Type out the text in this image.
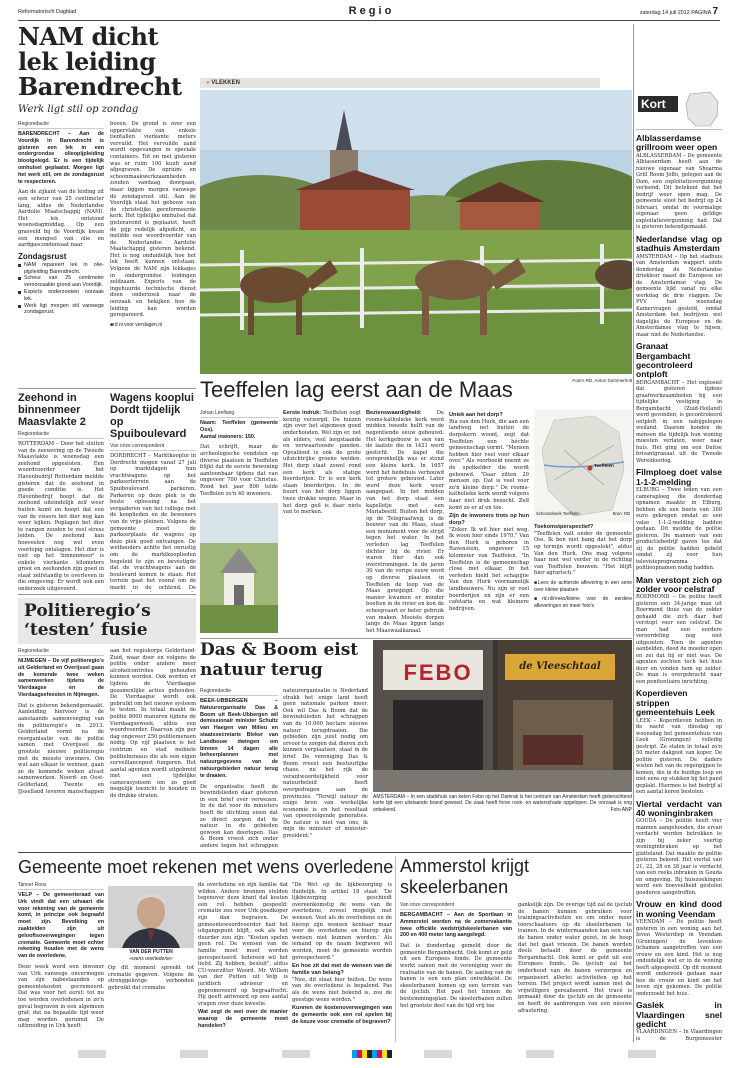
Reformatorisch Dagblad	R e g i o	zaterdag 14 juli 2012 PAGINA 7
NAM dicht lek leiding Barendrecht
Werk ligt stil op zondag
Regioredactie
BARENDRECHT – Aan de Voordijk in Barendrecht is gisteren een lek in een ondergrondse olieopijpleiding blootgelegd. Er is een tijdelijk omhulsel geplaatst. Morgen ligt het werk stil, om de zondagsrust te respecteren.
Aan de zijkant van de leiding zit een scheur van 25 centimeter lang, aldus de Nederlandse Aardolie Maatschappij (NAM). Het lek ontstond woensdagmiddag. Op een grasveld bij de Voordijk kwam een mengsel van olie en aardgascondensaat naar
Zondagsrust
NAM repareert lek in olie-pijpleiding Barendrecht.
Scheur van 25 centimeter veroorzaakte grond aan Voordijk.
Experts onderzoeken oorzaak lek.
Werk ligt morgen stil vanwege zondagsrust.
boven. De grond is over een oppervlakte van enkele tientallen vierkante meters vervuild. Het vervuilde zand wordt opgevangen in speciale containers. Tot en met gisteren was er ruim 100 kuub zand afgegraven. De opruim- en schoonmaakwerkzaamheden zouden vandaag doorgaan, maar liggen morgen vanwege de zondagsrust stil. Aan de Voordijk staat het gebouw van de christelijke gereformeerde kerk. Het tijdelijke omhulsel dat gisteravond is geplaatst, heeft de pijp redelijk afgedicht, zo meldde een woordvoerder van de Nederlandse Aardolie Maatschappij gisteren bekend. Het is nog onduidelijk hoe het lek heeft kunnen ontstaan. Volgens de NAM zijn lekkages in ondergrondse leidingen zeldzaam. Experts van de ingehuurde technische dienst doen onderzoek naar de oorzaak en bekijken hoe de leiding kan worden gerepareerd.
■ rd.nl voor verslagen.nl
Zeehond in binnenmeer Maasvlakte 2
Regioredactie
ROTTERDAM – Door het sluiten van de zeewering op de Tweede Maasvlakte is woensdag een zeehond opgesloten. Een woordvoerder van het Havenbedrijf Rotterdam meldde gisteren dat de zeehond in goede conditie is. Het Havenbedrijf hoopt dat de zeehond uiteindelijk zelf weer buiten komt en hoopt dat een van de vissers het dier nog kan weer kijken. Poplagen het dier te vangen zouden te veel stress leiden. De zeehond kan hoeveelen nog wel even voorlopig ontslagen. Het dier is niet op het 'binnenmeer' is enkele vierkante kilometers groot en zeehonden zijn goed in staat zelfstandig te overleven in die omgeving. Er wordt ook een onderzoek uitgevoerd.
Wagens kooplui Dordt tijdelijk op Spuiboulevard
Van onze correspondent
DORDRECHT – Marktkooplui in Dordrecht mogen vanaf 27 juli op marktdagen hun vrachtwagens op het parkeerterrein aan de Spuiboulevard parkeren. Parkeren op deze plek is de beste oplossing na het vergaderen van het college met de kooplieden en de bewoners van de vrije pleinen. Volgens de gemeente moet de parkeerplaats de wagens op deze plek goed ontvangen. De wethouders achtte het onrustig om de marktkooplieden begeleid te zijn en bevestigde dat de vrachtwagens aan de boulevard komen te staan. Het terrein gaat het vooral om de markt in de ochtend. De
Politieregio’s ‘testen’ fusie
Regioredactie
NIJMEGEN – De vijf politieregio's uit Gelderland en Overijssel gaan de komende twee weken samenwerken tijdens de Vierdaagse en de Vierdaagsefeesten in Nijmegen.
Dat is gisteren bekendgemaakt. Aanleiding hiervoor is de aanstaande samenvoeging van de politieregio's in 2013. Gelderland vormt na de reorganisatie van de politie samen met Overijssel de grootste nieuwe politieregio met de meeste inwoners. Om wat aan elkaar te wennen, gaan ze de komende weken alvast samenwerken. Noord- en Oost-Gelderland, Twente en IJsselland leveren manschappen aan het regiokorps Gelderland-Zuid, waar door en volgens de politie onder andere meer alcoholcontroles gehouden kunnen worden. Ook worden er tijdens de Vierdaagse gezamenlijke acties gehouden. De Vierdaagse wordt ook gebruikt om het nieuwe systeem te testen. In totaal maakt de politie 8000 manuren tijdens de Vierdaagseweek, aldus een woordvoerder. Daarvan zijn per dag ongeveer 250 politiemensen nodig. Op vijf plaatsen is het centrum en stad mobiele politiebureaus die als een eigen surveillancepost fungeren. Het aantal agenten wordt uitgebreid met een tijdelijke camerasysteem om zo goed mogelijk toezicht te houden in de drukke straten.
● VLEKKEN
Foto's RD, Anton Dommerholt
Teeffelen lag eerst aan de Maas
Johan Leeflang
Naam: Teeffelen (gemeente Oss).
Aantal inwoners: 150.
Dat schrijft, maar de archeologische vondsten op diverse plaatsen in Teeffelen blijkt dat de eerste bewoning aantoonbaar tijdens dat van ongeveer 700 voor Christus. Rond het jaar 800 telde Teeffelen zo'n 40 inwoners.
Eerste indruk: Teeffelen oogt keurig verzorgd. De huizen zijn over het algemeen goed onderhouden. Wel zijn er, net als elders, veel leegstaande en verwaarloosde panden. Opvallend is ook de grote uitzichtrijke groene weiden. Het dorp staat zowel rond een kerk als statige boerderijen. Er is een kerk staan boerderijen. In de buurt van het dorp liggen twee drukke wegen. Maar in het dorp geil is daar niets van te merken.
Bezienswaardigheid:	De rooms-katholieke kerk werd midden tweede helft van de negentiende eeuw gebouwd. Het kerkgebouw is een van de laatste die in 1421 werd gesticht. De kapel die oorspronkelijk was er stond een kleine kerk. In 1657 werd het bedehuis verbouwd tot grotere gebouwd. Later werd deze kerk weer aangepast. In het midden van het dorp staat een kapelletje met een Mariabeeld. Buiten het dorp, op de Telegraafweg, is de bouwer van de Maas, staat een monument voor de strijd tegen het water. In het verleden lag Teeffelen dichter bij de rivier. Er waren hier dan ook overstromingen. In de jaren 30 van de vorige eeuw werd op diverse plaatsen in Teeffelen de loop van de Maas gewijzigd. Op die manier kwamen er minder boelten in de rivier en kon de scheepvaart er beter gebruik van maken. Mooiste dorpen langs de Maas liggen langs het Maaswaalkanaal.
Uniek aan het dorp?
Ria van den Hurk, die aan een landweg net buiten de dorpskern woont, zegt dat Teeffelen een héchte gemeenschap vormt. "Mensen hebben hier veel voor elkaar over." Als voorbeeld noemt ze de spotkelder die wordt gebouwd. "Daar zitten 29 mensen op. Dat is veel voor zo'n kleine dorp." De rooms-katholieke kerk wordt volgens haar niet druk bezocht. Zelf komt ze er af en toe.
Zijn de inwoners trots op hun dorp?
"Zeker. Ik wil hier niet weg. Ik woon hier sinds 1970." Van den Hurk is geboren in Ravenstein, ongeveer 15 kilometer van Teeffelen. "In Teeffelen is de gemeenschap close met elkaar. In het verleden hield het schapijne Van den Hurk voornamelijk landbouwers. Nu zijn er veel boerderijen en zijn er een cafetaria en wat kleinere bedrijven.
Teeffelen
Schoonebeek Teeffelen	Bron: RD
Toekomstperspectief?
"Teeffelen valt onder de gemeente Oss. Ik ben niet bang dat het dorp op termijn wordt opgeslokt", aldus Van den Hurk. Ons mag volgens haar niet wel verder in de richting van Teeffelen bouwen. "Het blijft hier agrarisch."
■ Lees de achterste aflevering in een serie over kleine plaatsen
■ rd.nl/reeks/kleine voor de eerdere afleveringen en meer foto's
Das & Boom eist natuur terug
Regioredactie
BEEK-UBBERGEN – Natuurorganisatie Das & Boom uit Beek-Ubbergen wil demissionair minister Schultz van Haegen van Milieu en staatssecretaris Bleker van Landbouw dwingen om binnen 14 dagen alle beheerplannen met natuurgegevens van de natuurgebieden natuur terug te draaien.
De organisatie heeft de bewindslieden daar gisteren in een brief over verwezen. In de dat voor de ministers heeft de stichting eisen dat ze direct zorgen dat de natuur in de gebieden gewoon kan doorlopen. Das & Boom vreest zich onder andere tegen het schrappen
natuurorganisatie is Nederland strakk het enige land heeft geen nationale parken meer. Ook wil Das & Boom dat de bewindslieden het schrappen van de 10.000 hectare nieuwe natuur terugdraaien. Die gebieden zijn juist nodig om ervoor te zorgen dat dieren zich kunnen verplaatsen, staat in de brief. De vereniging Das & Boom vreest een bestuurlijke chaos, nu het rijk de verantwoordelijkheid voor natuurbeleid heeft overgedragen aan de provincies. "Terwijl natuur de enige bron van werkelijke economie is en het resultaat van opeenvolgende generaties. De natuur is niet van ons, ik mijn de minister of minister-president."
FEBO	de Vleeschtaal
AMSTERDAM – In een stadshuis van keten Febo op het Damrak is het centrum van Amsterdam heeft gisterochtend korte tijd een uitstaande brand gewoed. De zaak heeft forse rook- en waterschade opgelopen. De oorzaak is nog onbekend.	Foto ANP
Gemeente moet rekenen met wens overledene
Tanner Roos
VELP – De gemeenteraad van Urk vindt dat een uitvaart die voor rekening van de gemeente komt, in principe ook begraafd moet zijn. Bevolking en zaaktelden zijn uit gelooftsoverwegingen tegen crematie. Gemeente moet echter rekening houden met de wens van de overledene.
Deze week werd een inwoner van Urk vanwege onvermogen van zijn nabestaanden op gemeentekosten gecremeerd. Dat was voor het eerst: tot nu toe werden overledenen in zo'n geval begraven in een algemeen graf, dat na bepaalde tijd weer mag worden geruimd. De uitbreiding in Urk heeft
VAN DER PUTTEN
«wens overledene»
Op dit moment spreekt tot crematie gegeven. Volgens de strenggelovige verbonden gebruikt dat crematie
de overledene en zijn familie dat wilden. Andere bronnen stelden tegenover deze krant dat kosten een rol hebben gespeeld: crematie zou voor Urk goedkoper zijn dan begraven. De gemeentewoordvoerder had het uitgangspunt blijft, ook als het duurder zou zijn: "Kosten spelen geen rol. De wensen van de familie moet moet worden gerespecteerd. Iedereen wil het liefst. Zij hebben, besluit", aldus CU-voorzitter Woord. Mr. Willem van der Putten uit Velp is juridisch adviseur en gepromoveerd op begraafrecht. Hij geeft antwoord op een aantal vragen over deze kwestie.
Wat zegt de wet over de manier waarop de gemeente moet handelen?
"De Wet op de lijkbezorging is duidelijk. In artikel 18 staat: 'De lijkbezorging geschiedt overeenkomstig de wens van de overledene, zoveel mogelijk met wensen. Veel als de overledene en de hierop zijn wensen kenbaar maar voor de overledene en hierop zijn wensen niet kunnen worden.' Als iemand op de naam begraven wil worden, moet de gemeente worden gerespecteerd."
En hoe zit dat met de wensen van de familie van belang?
"Nee, dit staat hier buiten. De wens van de overledene is bepalend. Pas als de wens niet bekend is, zou de geestige wens worden."
Kunnen de kostenoverwegingen van de gemeente ook een rol spelen bij de keuze voor crematie of begraven?
Ammerstol krijgt skeelerbanen
Van onze correspondent
BERGAMBACHT – Aan de Sportlaan in Ammerstol worden na de zomervakantie twee officiële wedstrijdskeelerbanen van 200 en 400 meter lang aangelegd.
Dat is donderdag gemeld door de gemeente Bergambacht. Ook komt er geld uit een Europees fonds. De gemeente werkt samen met de vereniging voor de realisatie van de banen. De aanleg van de banen is een een plan ontwikkeld. De skeelerbanen komen op een terrein van de ijsclub. Het past het binnen de bestemmingsplan. De skeelerbanen zullen het grootste deel van de tijd vrij toe
gankelijk zijn. De overige tijd zal de ijsclub de banen kunnen gebruiken voor trainingsactiviteiten en om onder meer toerschaatsers op de skeelerbanen te trainen. In de wintermaanden kan een van de banen onder water gezet, in de hoop dat het gaat vriezen. De banen worden deels betaald door de gemeente Bergambacht. Ook komt er geld uit een Europees fonds. De ijsclub zal het onderhoud van de banen verzorgen en organiseert allerlei activiteiten op het terrein. Het project wordt samen met de vrijwilligers gerealiseerd. Het tracé is gemaakt door de ijsclub en de gemeente en heeft de aanbrengen van een nieuwe afrastering.
Kort
Alblasserdamse grillroom weer open
ALBLASSERDAM – De gemeente Alblasserdam heeft aan de nieuwe eigenaar van Shoarma Grill Room Joffo, gelegen aan de Dam, een exploitatievergunning verleend. Dit betekent dat het bedrijf weer open mag. De gemeente sloot het bedrijf op 24 februari, omdat de voormalige eigenaar geen geldige exploitatievergunning had. Dat is gisteren bekendgemaakt.
Nederlandse vlag op stadhuis Amsterdam
AMSTERDAM – Op het stadhuis van Amsterdam wappert sinds donderdag de Nederlandse driekleur naast de Europese en de Amsterdamse vlag. De gemeente lijkt vanaf nu elke werkdag de drie vlaggen. De PVV had woensdag Kamervragen gesteld, omdat Amsterdam het bedrijven wel dagelijks de Europese en de Amsterdamse vlag te hijsen, maar niet de Nederlandse.
Granaat Bergambacht gecontroleerd ontploft
BERGAMBACHT – Het explosief dat gisteren tijdens graafwerkzaamheden bij een tijdelijke vestiging in Bergambacht (Zuid-Holland) werd gevonden, is gecontroleerd ontploft in een nabijgelegen weiland. Daarom konden de mensen die tijdelijk hun woning moesten verlaten, weer naar huis. Het ging om een Duitse brisantgranaat uit de Tweede Wereldoorlog.
Filmploeg doet valse 1-1-2-melding
ELBURG – Twee leden van een cameraploeg die donderdag opnamen maakte in Elburg, hebben elk een boete van 300 euro gekregen omdat ze een valse 1-1-2-melding hadden gedaan. Dit meldde de politie gisteren. De mannen van een productiebedrijf gaven toe dat zij de politie hadden gebeld omdat zij voor hun televisieprogramma politieopnamen nodig hadden.
Man verstopt zich op zolder voor celstraf
ROERMOND – De politie heeft gisteren een 34-jarige man uit Roermond thuis van de zolder gehaald die zich daar had verstopt voor een celstraf. De man had een eerdere veroordeling nog niet uitgezeten. Toen de agenten aanbelden, deed de moeder open en zei dat hij er niet was. De agenten zochten toch het huis door en vonden hem op zolder. De man is overgebracht naar een penitentiaire inrichting.
Koperdieven strippen gemeentehuis Leek
LEEK – Koperdieven hebben in de nacht van dinsdag op woensdag het gemeentehuis van Leek (Groningen) volledig gestript. Ze stalen in totaal zo'n 50 meter dakgoot van koper. De politie gisteren. De daders wisten het van de regenpijpen te komen, die in de huidige loop en niet eens op stukken bij het pand geplakt. Hiermee is het bedrijf al een aantal keren bestolen.
Viertal verdacht van 40 woninginbraken
GOUDA – De politie heeft vier mannen aangehouden, die ervan verdacht worden betrokken te zijn bij zeker veertig woninginbraken op het platteland. Dat maakte de politie gisteren bekend. Het viertal van 21, 22, 28 en 38 jaar is verdacht van een reeks inbraken in Gouda en omgeving. Bij huiszoekingen werd een hoeveelheid gestolen goederen aangetroffen.
Vrouw en kind dood in woning Veendam
VEENDAM – De politie heeft gisteren in een woning aan het Ieven Westerdiep in Veendam (Groningen) de levenloze lichamen aangetroffen van een vrouw en een kind. Het is nog onduidelijk wat er in de woning heeft afgespeeld. Op dit moment wordt onderzoek gedaan naar hoe de vrouw en kind om het leven zijn gekomen. De politie onderzoekt het huis.
Gaslek in Vlaardingen snel gedicht
VLAARDINGEN – In Vlaardingen is de Burgemeester
